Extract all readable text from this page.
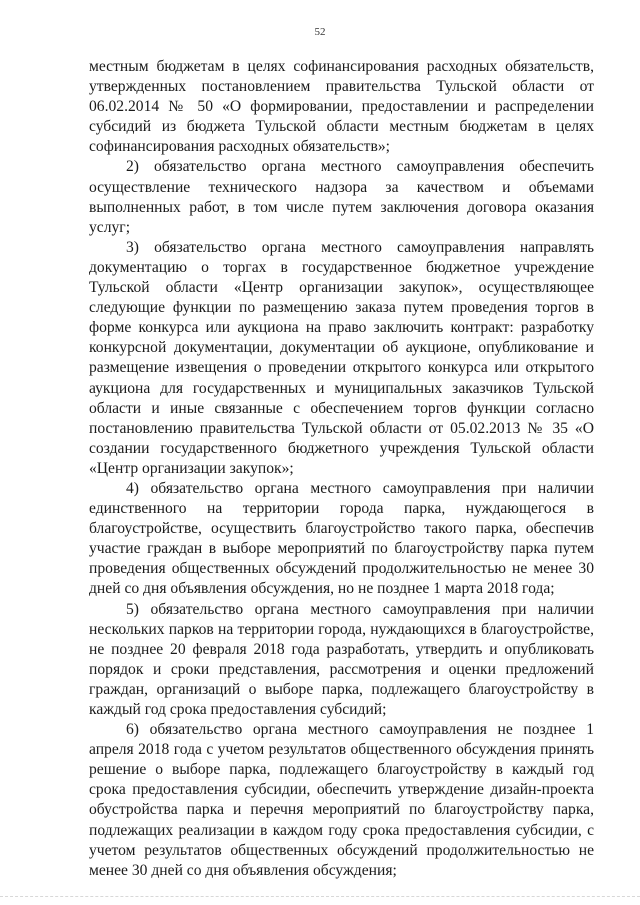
52

местным бюджетам в целях софинансирования расходных обязательств, утвержденных постановлением правительства Тульской области от 06.02.2014 № 50 «О формировании, предоставлении и распределении субсидий из бюджета Тульской области местным бюджетам в целях софинансирования расходных обязательств»;

2) обязательство органа местного самоуправления обеспечить осуществление технического надзора за качеством и объемами выполненных работ, в том числе путем заключения договора оказания услуг;

3) обязательство органа местного самоуправления направлять документацию о торгах в государственное бюджетное учреждение Тульской области «Центр организации закупок», осуществляющее следующие функции по размещению заказа путем проведения торгов в форме конкурса или аукциона на право заключить контракт: разработку конкурсной документации, документации об аукционе, опубликование и размещение извещения о проведении открытого конкурса или открытого аукциона для государственных и муниципальных заказчиков Тульской области и иные связанные с обеспечением торгов функции согласно постановлению правительства Тульской области от 05.02.2013 № 35 «О создании государственного бюджетного учреждения Тульской области «Центр организации закупок»;

4) обязательство органа местного самоуправления при наличии единственного на территории города парка, нуждающегося в благоустройстве, осуществить благоустройство такого парка, обеспечив участие граждан в выборе мероприятий по благоустройству парка путем проведения общественных обсуждений продолжительностью не менее 30 дней со дня объявления обсуждения, но не позднее 1 марта 2018 года;

5) обязательство органа местного самоуправления при наличии нескольких парков на территории города, нуждающихся в благоустройстве, не позднее 20 февраля 2018 года разработать, утвердить и опубликовать порядок и сроки представления, рассмотрения и оценки предложений граждан, организаций о выборе парка, подлежащего благоустройству в каждый год срока предоставления субсидий;

6) обязательство органа местного самоуправления не позднее 1 апреля 2018 года с учетом результатов общественного обсуждения принять решение о выборе парка, подлежащего благоустройству в каждый год срока предоставления субсидии, обеспечить утверждение дизайн-проекта обустройства парка и перечня мероприятий по благоустройству парка, подлежащих реализации в каждом году срока предоставления субсидии, с учетом результатов общественных обсуждений продолжительностью не менее 30 дней со дня объявления обсуждения;
